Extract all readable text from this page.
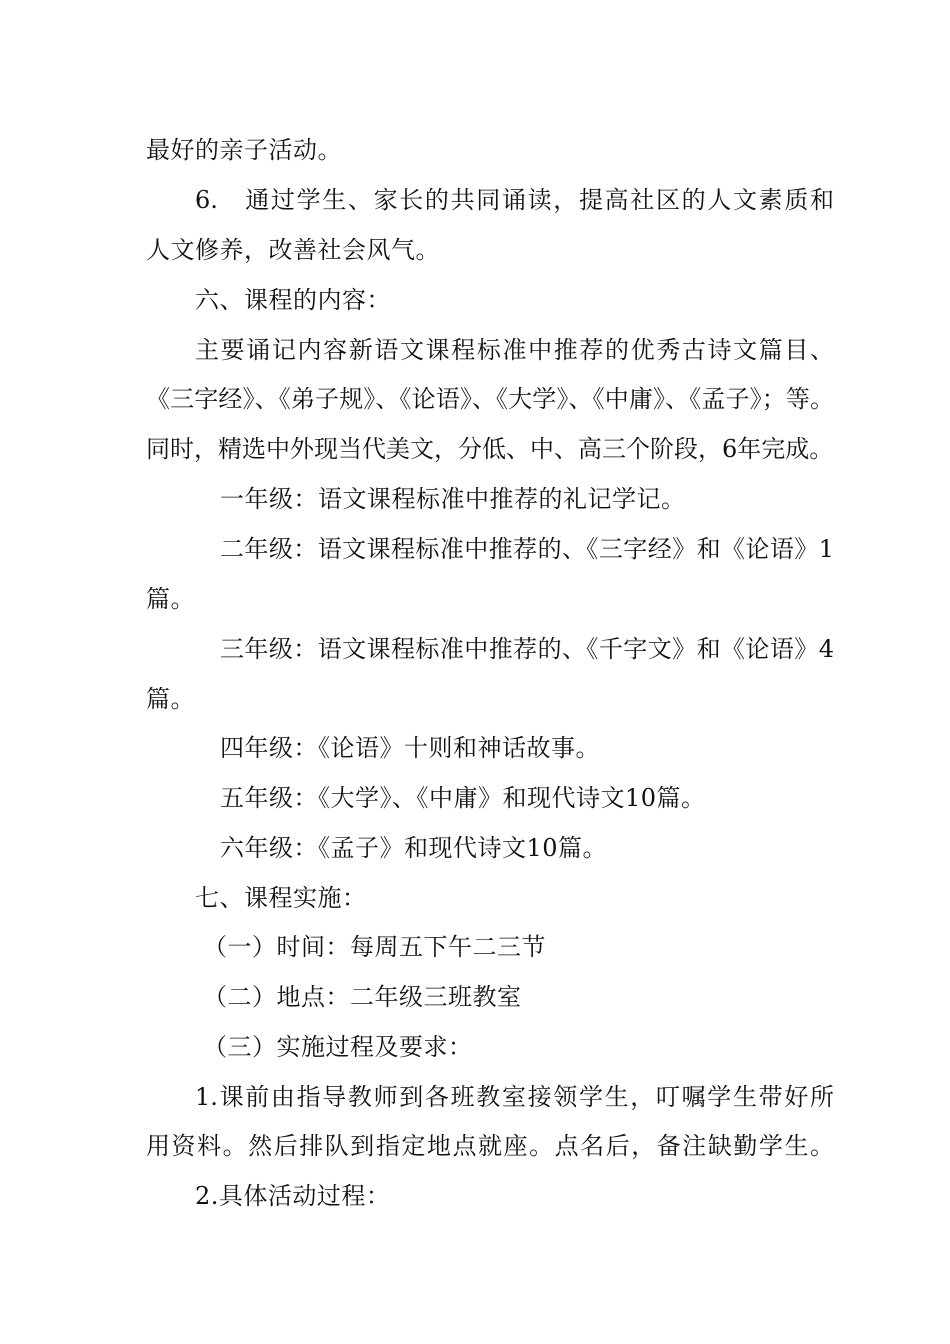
最好的亲子活动。
6.　通过学生、家长的共同诵读，提高社区的人文素质和
人文修养，改善社会风气。
六、课程的内容：
主要诵记内容新语文课程标准中推荐的优秀古诗文篇目、
《三字经》、《弟子规》、《论语》、《大学》、《中庸》、《孟子》；等。
同时，精选中外现当代美文，分低、中、高三个阶段，6年完成。
一年级：语文课程标准中推荐的礼记学记。
二年级：语文课程标准中推荐的、《三字经》和《论语》1
篇。
三年级：语文课程标准中推荐的、《千字文》和《论语》4
篇。
四年级：《论语》十则和神话故事。
五年级：《大学》、《中庸》和现代诗文10篇。
六年级：《孟子》和现代诗文10篇。
七、课程实施：
（一）时间：每周五下午二三节
（二）地点：二年级三班教室
（三）实施过程及要求：
1.课前由指导教师到各班教室接领学生，叮嘱学生带好所
用资料。然后排队到指定地点就座。点名后，备注缺勤学生。
2.具体活动过程：
